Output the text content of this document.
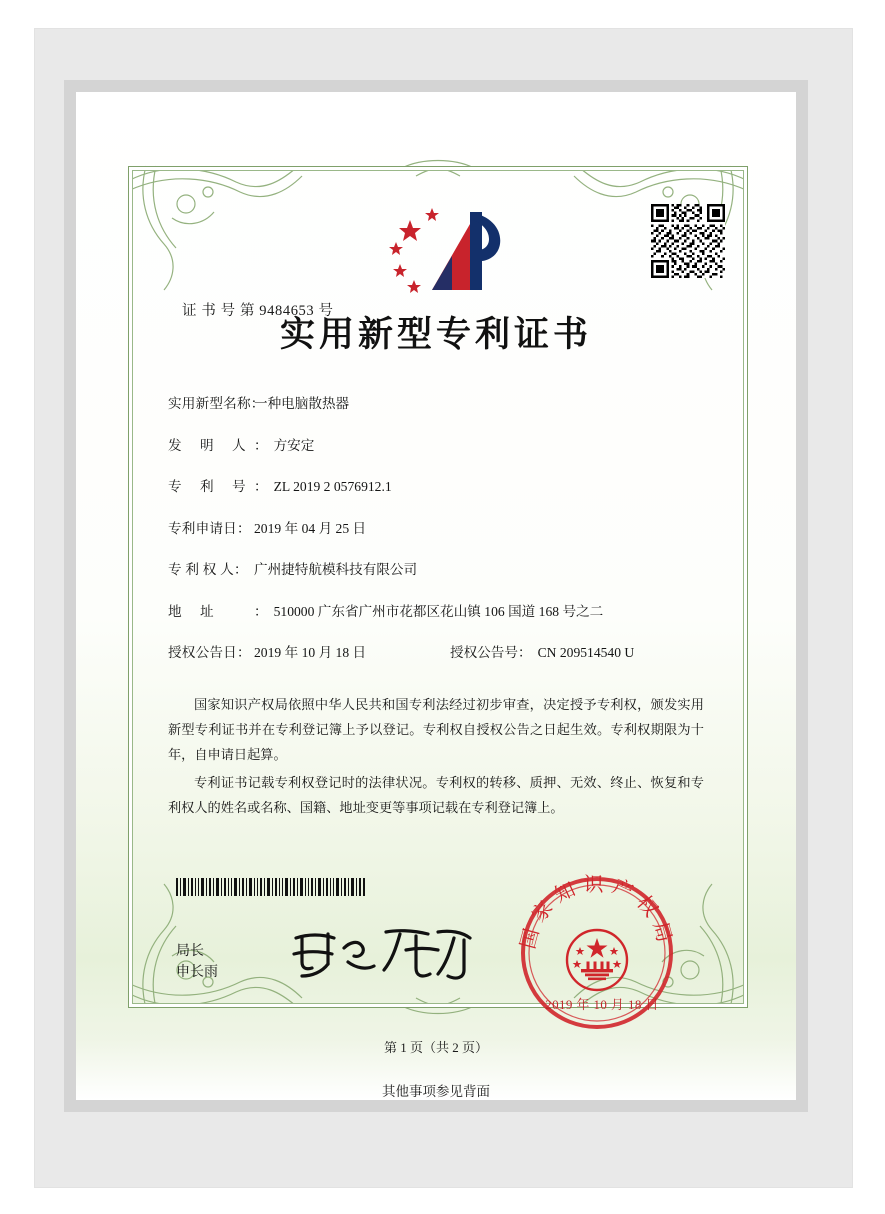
证 书 号 第 9484653 号
实用新型专利证书
实用新型名称：
一种电脑散热器
发 明 人 ： 方安定
专 利 号 ： ZL 2019 2 0576912.1
专利申请日： 2019 年 04 月 25 日
专 利 权 人： 广州捷特航模科技有限公司
地 址	： 510000 广东省广州市花都区花山镇 106 国道 168 号之二
授权公告日： 2019 年 10 月 18 日	授权公告号： CN 209514540 U

国家知识产权局依照中华人民共和国专利法经过初步审查，决定授予专利权，颁发实用新型专利证书并在专利登记簿上予以登记。专利权自授权公告之日起生效。专利权期限为十年，自申请日起算。

专利证书记载专利权登记时的法律状况。专利权的转移、质押、无效、终止、恢复和专利权人的姓名或名称、国籍、地址变更等事项记载在专利登记簿上。

局长
申长雨
国家知识产权局
2019 年 10 月 18 日
第 1 页（共 2 页）
其他事项参见背面
